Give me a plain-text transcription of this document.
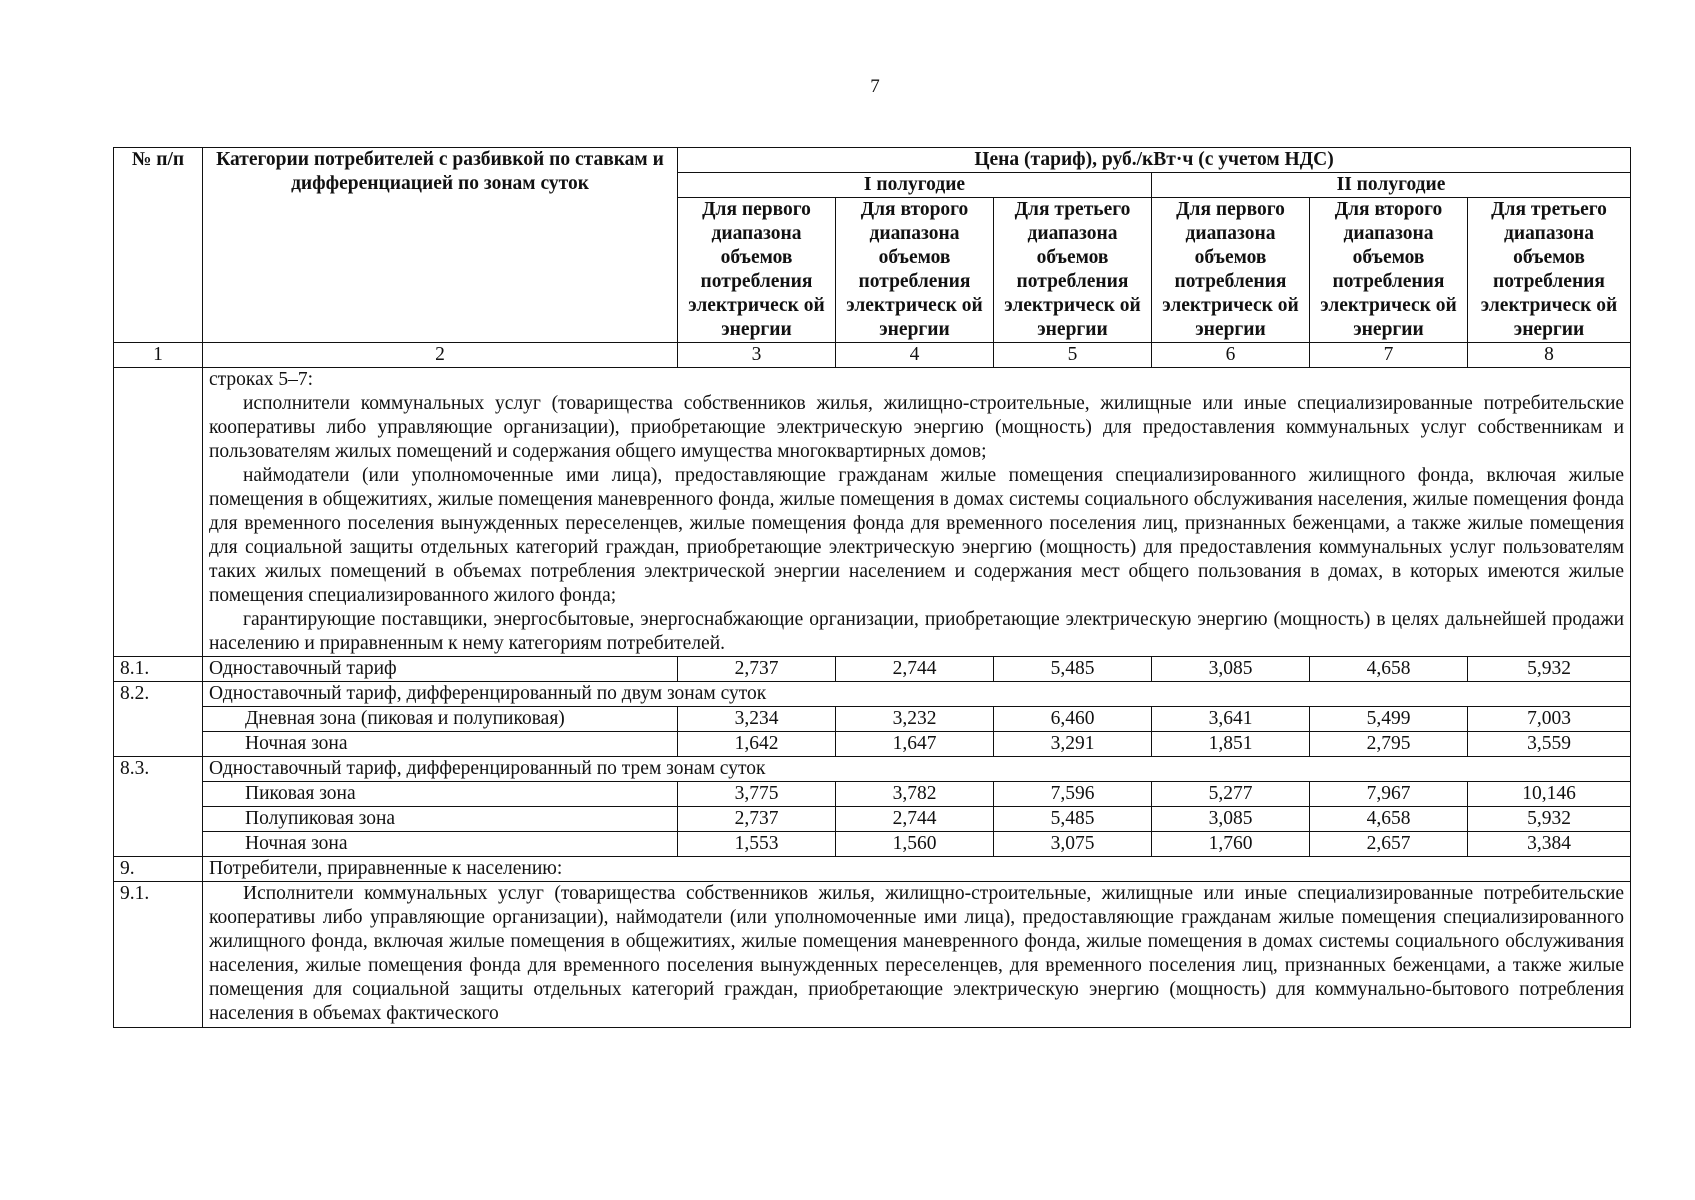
7
№ п/п	Категории потребителей с разбивкой по ставкам и дифференциацией по зонам суток	Цена (тариф), руб./кВт·ч (с учетом НДС)					
		I полугодие			II полугодие		
		Для первого диапазона объемов потребления электрическ ой энергии	Для второго диапазона объемов потребления электрическ ой энергии	Для третьего диапазона объемов потребления электрическ ой энергии	Для первого диапазона объемов потребления электрическ ой энергии	Для второго диапазона объемов потребления электрическ ой энергии	Для третьего диапазона объемов потребления электрическ ой энергии
1	2	3	4	5	6	7	8

	строках 5–7:

исполнители коммунальных услуг (товарищества собственников жилья, жилищно-строительные, жилищные или иные специализированные потребительские кооперативы либо управляющие организации), приобретающие электрическую энергию (мощность) для предоставления коммунальных услуг собственникам и пользователям жилых помещений и содержания общего имущества многоквартирных домов;

наймодатели (или уполномоченные ими лица), предоставляющие гражданам жилые помещения специализированного жилищного фонда, включая жилые помещения в общежитиях, жилые помещения маневренного фонда, жилые помещения в домах системы социального обслуживания населения, жилые помещения фонда для временного поселения вынужденных переселенцев, жилые помещения фонда для временного поселения лиц, признанных беженцами, а также жилые помещения для социальной защиты отдельных категорий граждан, приобретающие электрическую энергию (мощность) для предоставления коммунальных услуг пользователям таких жилых помещений в объемах потребления электрической энергии населением и содержания мест общего пользования в домах, в которых имеются жилые помещения специализированного жилого фонда;

гарантирующие поставщики, энергосбытовые, энергоснабжающие организации, приобретающие электрическую энергию (мощность) в целях дальнейшей продажи населению и приравненным к нему категориям потребителей.						

8.1.	Одноставочный тариф	2,737	2,744	5,485	3,085	4,658	5,932
8.2.	Одноставочный тариф, дифференцированный по двум зонам суток						
	Дневная зона (пиковая и полупиковая)	3,234	3,232	6,460	3,641	5,499	7,003
	Ночная зона	1,642	1,647	3,291	1,851	2,795	3,559
8.3.	Одноставочный тариф, дифференцированный по трем зонам суток						
	Пиковая зона	3,775	3,782	7,596	5,277	7,967	10,146
	Полупиковая зона	2,737	2,744	5,485	3,085	4,658	5,932
	Ночная зона	1,553	1,560	3,075	1,760	2,657	3,384
9.	Потребители, приравненные к населению:						
9.1.	Исполнители коммунальных услуг (товарищества собственников жилья, жилищно-строительные, жилищные или иные специализированные потребительские кооперативы либо управляющие организации), наймодатели (или уполномоченные ими лица), предоставляющие гражданам жилые помещения специализированного жилищного фонда, включая жилые помещения в общежитиях, жилые помещения маневренного фонда, жилые помещения в домах системы социального обслуживания населения, жилые помещения фонда для временного поселения вынужденных переселенцев, для временного поселения лиц, признанных беженцами, а также жилые помещения для социальной защиты отдельных категорий граждан, приобретающие электрическую энергию (мощность) для коммунально-бытового потребления населения в объемах фактического						
